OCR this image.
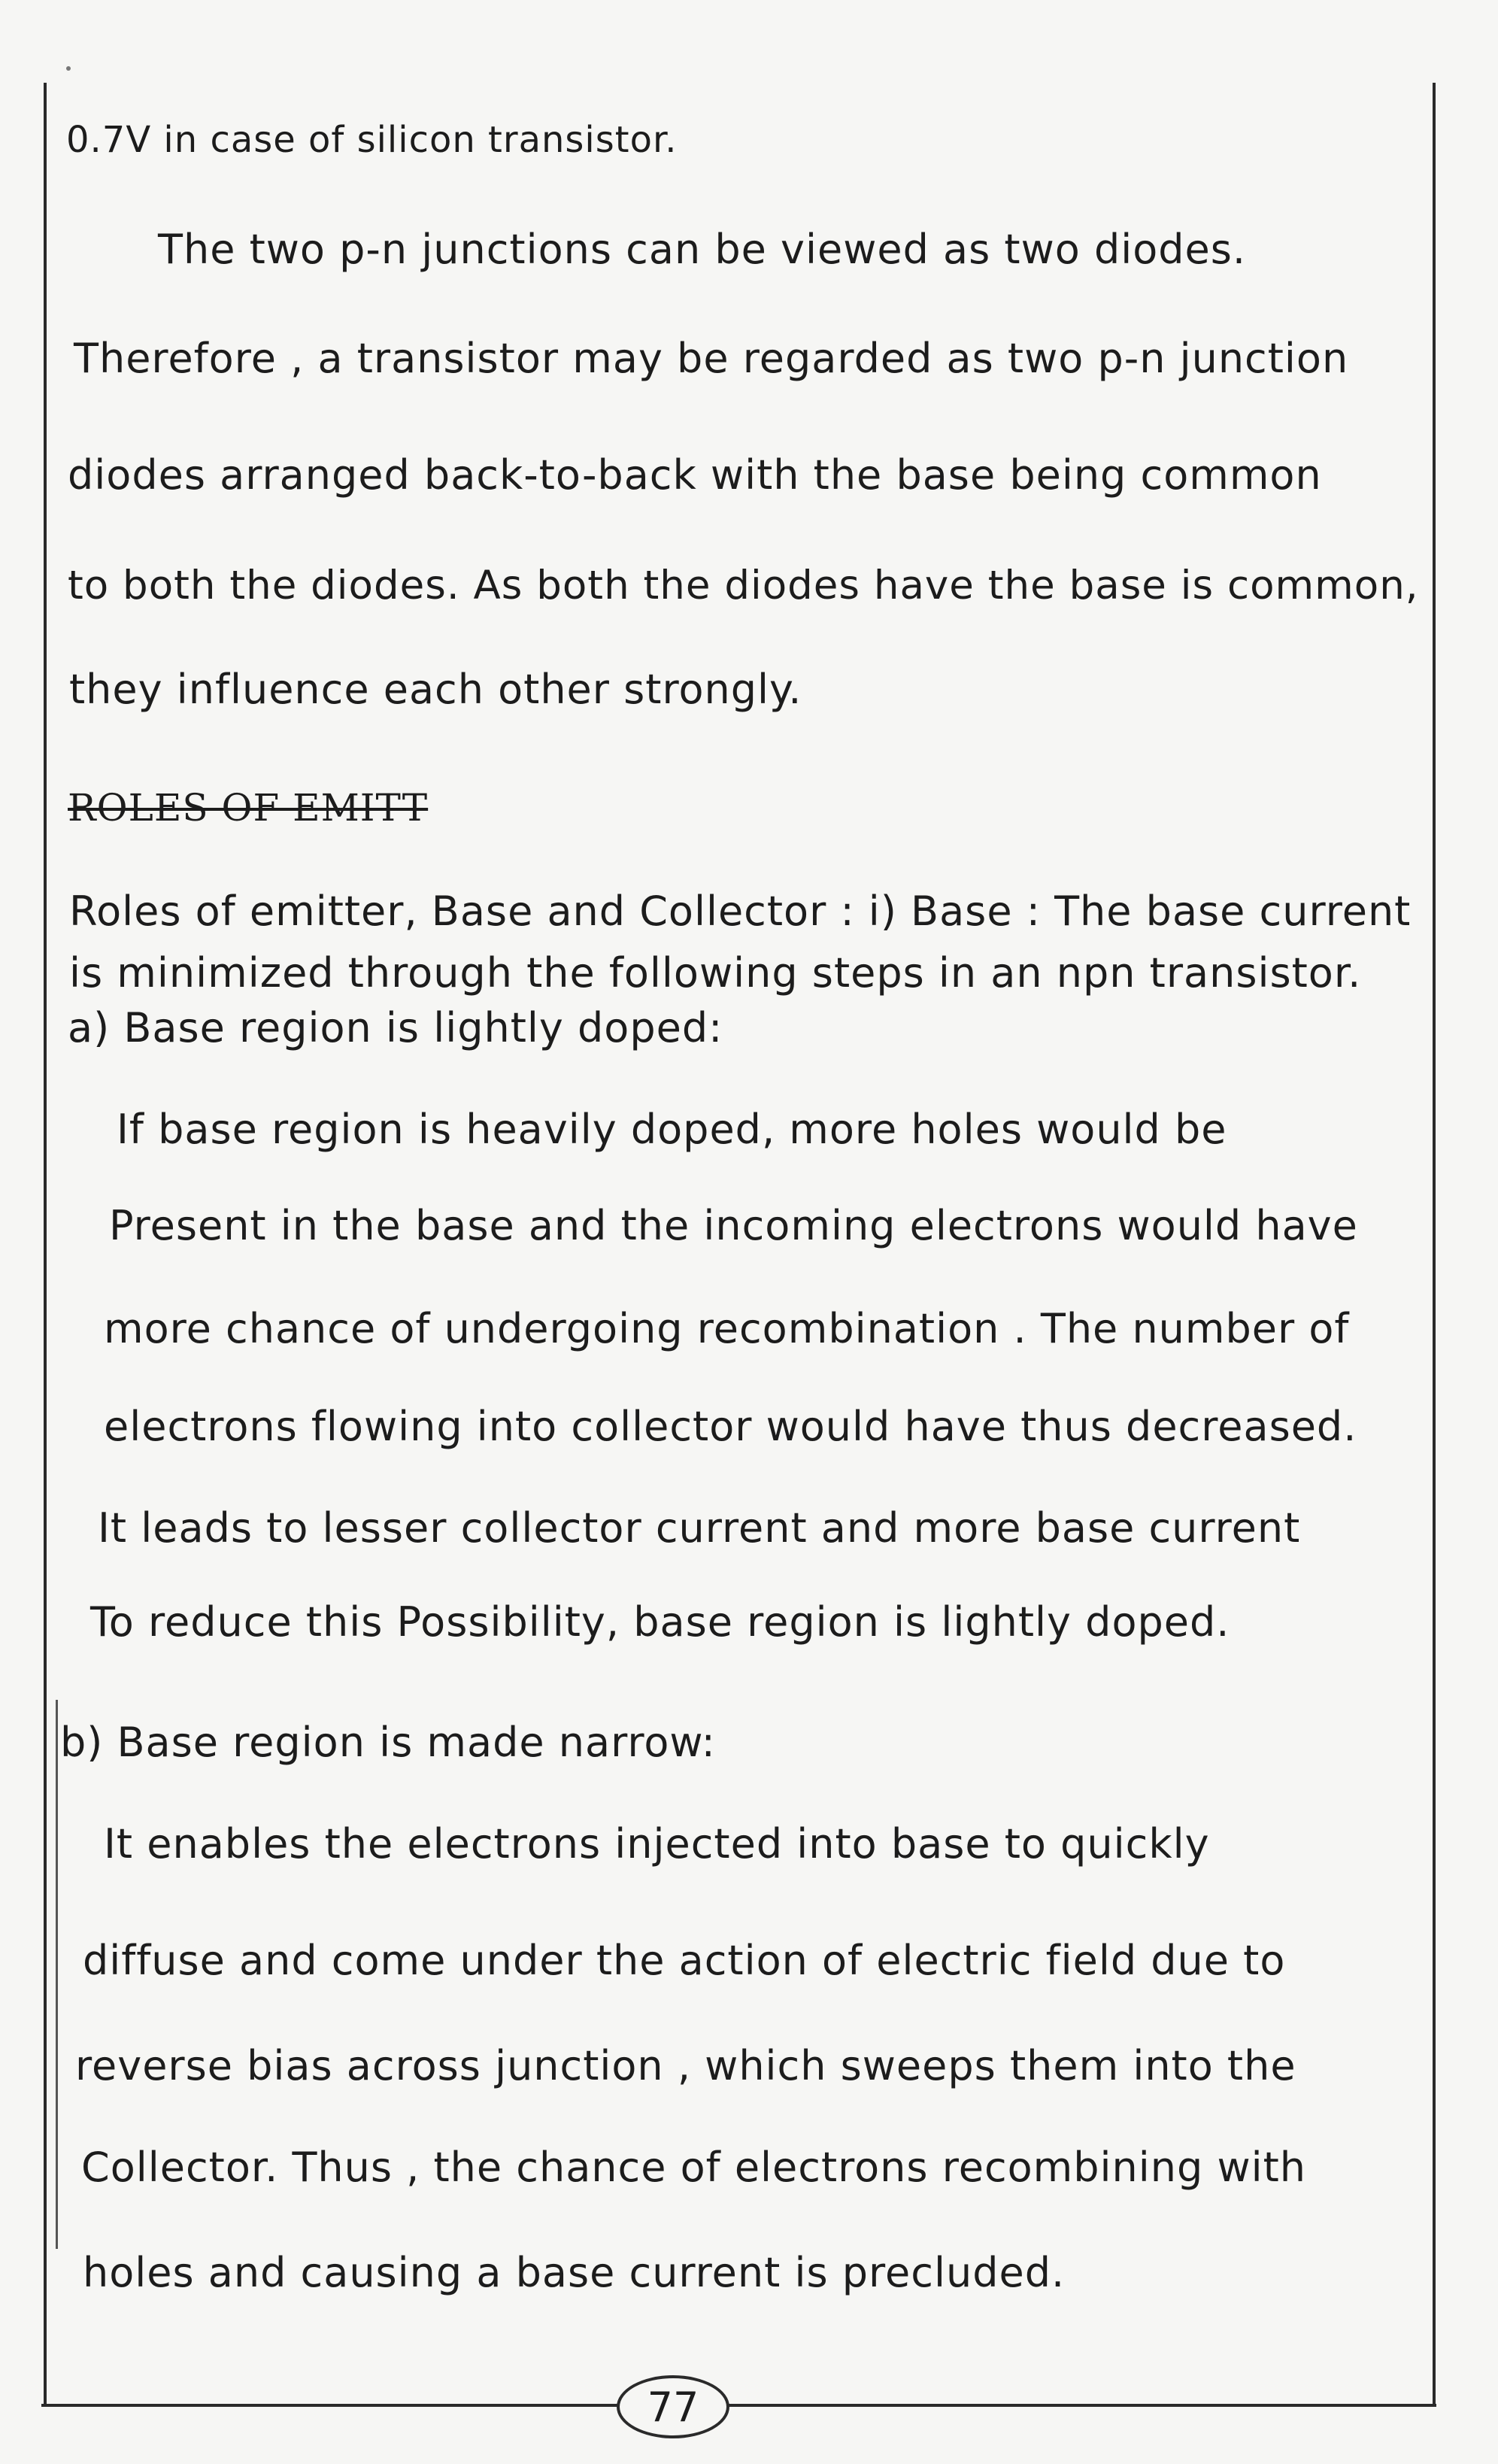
0.7V in case of silicon transistor.
The two p-n junctions can be viewed as two diodes.
Therefore , a transistor may be regarded as two p-n junction
diodes arranged back-to-back with the base being common
to both the diodes. As both the diodes have the base is common,
they influence each other strongly.
ROLES OF EMITT
Roles of emitter, Base and Collector : i) Base : The base current
is minimized through the following steps in an npn transistor.
a) Base region is lightly doped:
If base region is heavily doped, more holes would be
Present in the base and the incoming electrons would have
more chance of undergoing recombination . The number of
electrons flowing into collector would have thus decreased.
It leads to lesser collector current and more base current
To reduce this Possibility, base region is lightly doped.
b) Base region is made narrow:
It enables the electrons injected into base to quickly
diffuse and come under the action of electric field due to
reverse bias across junction , which sweeps them into the
Collector. Thus , the chance of electrons recombining with
holes and causing a base current is precluded.
77
